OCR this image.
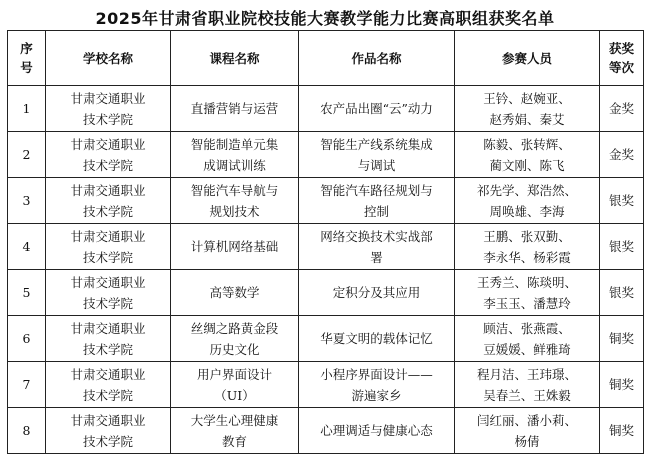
2025年甘肃省职业院校技能大赛教学能力比赛高职组获奖名单
序
号	学校名称	课程名称	作品名称	参赛人员	获奖
等次

1	甘肃交通职业
技术学院	直播营销与运营	农产品出圈“云”动力	王钤、赵婉亚、
赵秀娟、秦艾	金奖
2	甘肃交通职业
技术学院	智能制造单元集
成调试训练	智能生产线系统集成
与调试	陈毅、张转辉、
蔺文刚、陈飞	金奖
3	甘肃交通职业
技术学院	智能汽车导航与
规划技术	智能汽车路径规划与
控制	祁先学、郑浩然、
周唤雄、李海	银奖
4	甘肃交通职业
技术学院	计算机网络基础	网络交换技术实战部
署	王鹏、张双勤、
李永华、杨彩霞	银奖
5	甘肃交通职业
技术学院	高等数学	定积分及其应用	王秀兰、陈琰明、
李玉玉、潘慧玲	银奖
6	甘肃交通职业
技术学院	丝绸之路黄金段
历史文化	华夏文明的载体记忆	顾洁、张燕霞、
豆媛媛、鲜雅琦	铜奖
7	甘肃交通职业
技术学院	用户界面设计
（UI）	小程序界面设计——
游遍家乡	程月洁、王玮璟、
吴春兰、王姝毅	铜奖
8	甘肃交通职业
技术学院	大学生心理健康
教育	心理调适与健康心态	闫红丽、潘小莉、
杨倩	铜奖
